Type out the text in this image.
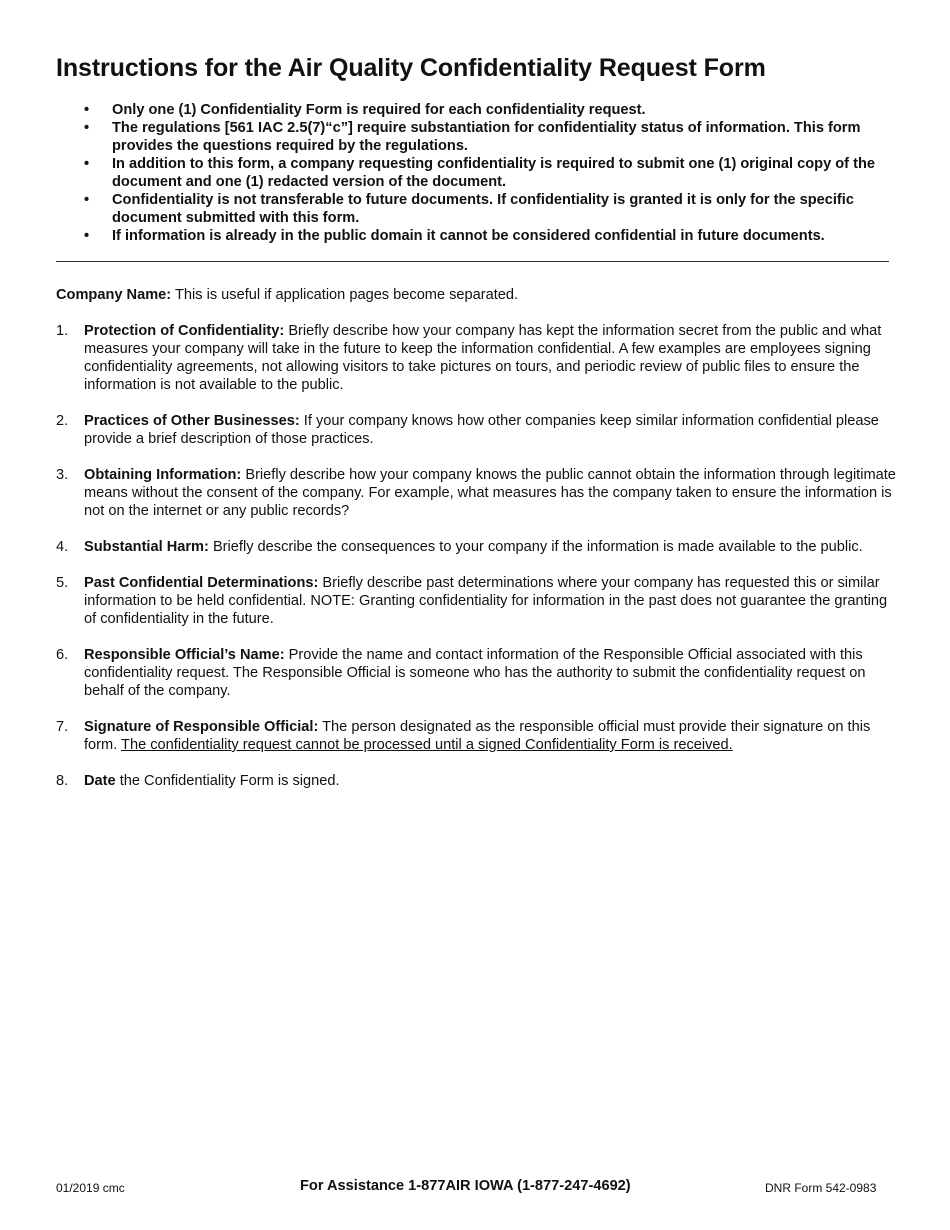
Instructions for the Air Quality Confidentiality Request Form
• Only one (1) Confidentiality Form is required for each confidentiality request.
• The regulations [561 IAC 2.5(7)“c”] require substantiation for confidentiality status of information. This form provides the questions required by the regulations.
• In addition to this form, a company requesting confidentiality is required to submit one (1) original copy of the document and one (1) redacted version of the document.
• Confidentiality is not transferable to future documents. If confidentiality is granted it is only for the specific document submitted with this form.
• If information is already in the public domain it cannot be considered confidential in future documents.
Company Name: This is useful if application pages become separated.
1. Protection of Confidentiality: Briefly describe how your company has kept the information secret from the public and what measures your company will take in the future to keep the information confidential. A few examples are employees signing confidentiality agreements, not allowing visitors to take pictures on tours, and periodic review of public files to ensure the information is not available to the public.
2. Practices of Other Businesses: If your company knows how other companies keep similar information confidential please provide a brief description of those practices.
3. Obtaining Information: Briefly describe how your company knows the public cannot obtain the information through legitimate means without the consent of the company. For example, what measures has the company taken to ensure the information is not on the internet or any public records?
4. Substantial Harm: Briefly describe the consequences to your company if the information is made available to the public.
5. Past Confidential Determinations: Briefly describe past determinations where your company has requested this or similar information to be held confidential. NOTE: Granting confidentiality for information in the past does not guarantee the granting of confidentiality in the future.
6. Responsible Official’s Name: Provide the name and contact information of the Responsible Official associated with this confidentiality request. The Responsible Official is someone who has the authority to submit the confidentiality request on behalf of the company.
7. Signature of Responsible Official: The person designated as the responsible official must provide their signature on this form. The confidentiality request cannot be processed until a signed Confidentiality Form is received.
8. Date the Confidentiality Form is signed.
01/2019 cmc	For Assistance 1-877AIR IOWA (1-877-247-4692)	DNR Form 542-0983
